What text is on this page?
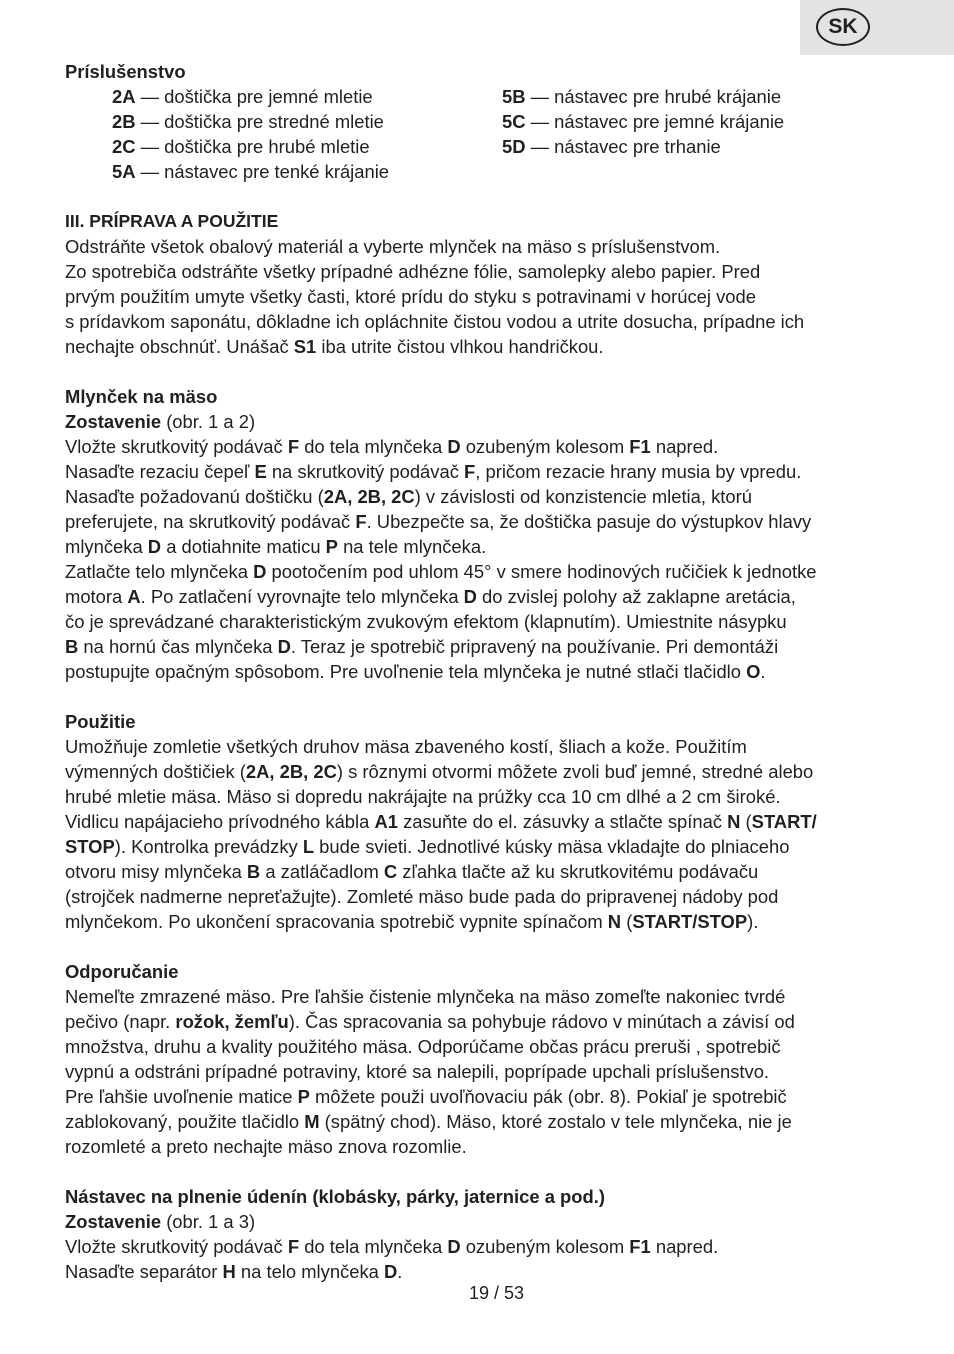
SK
Príslušenstvo
2A — doštička pre jemné mletie
2B — doštička pre stredné mletie
2C — doštička pre hrubé mletie
5A — nástavec pre tenké krájanie
5B — nástavec pre hrubé krájanie
5C — nástavec pre jemné krájanie
5D — nástavec pre trhanie
III. PRÍPRAVA A POUŽITIE
Odstráňte všetok obalový materiál a vyberte mlynček na mäso s príslušenstvom.
Zo spotrebiča odstráňte všetky prípadné adhézne fólie, samolepky alebo papier. Pred
prvým použitím umyte všetky časti, ktoré prídu do styku s potravinami v horúcej vode
s prídavkom saponátu, dôkladne ich opláchnite čistou vodou a utrite dosucha, prípadne ich
nechajte obschnúť. Unášač S1 iba utrite čistou vlhkou handričkou.
Mlynček na mäso
Zostavenie (obr. 1 a 2)
Vložte skrutkovitý podávač F do tela mlynčeka D ozubeným kolesom F1 napred.
Nasaďte rezaciu čepeľ E na skrutkovitý podávač F, pričom rezacie hrany musia by vpredu.
Nasaďte požadovanú doštičku (2A, 2B, 2C) v závislosti od konzistencie mletia, ktorú
preferujete, na skrutkovitý podávač F. Ubezpečte sa, že doštička pasuje do výstupkov hlavy
mlynčeka D a dotiahnite maticu P na tele mlynčeka.
Zatlačte telo mlynčeka D pootočením pod uhlom 45° v smere hodinových ručičiek k jednotke
motora A. Po zatlačení vyrovnajte telo mlynčeka D do zvislej polohy až zaklapne aretácia,
čo je sprevádzané charakteristickým zvukovým efektom (klapnutím). Umiestnite násypku
B na hornú čas mlynčeka D. Teraz je spotrebič pripravený na používanie. Pri demontáži
postupujte opačným spôsobom. Pre uvoľnenie tela mlynčeka je nutné stlači tlačidlo O.
Použitie
Umožňuje zomletie všetkých druhov mäsa zbaveného kostí, šliach a kože. Použitím
výmenných doštičiek (2A, 2B, 2C) s rôznymi otvormi môžete zvoli buď jemné, stredné alebo
hrubé mletie mäsa. Mäso si dopredu nakrájajte na prúžky cca 10 cm dlhé a 2 cm široké.
Vidlicu napájacieho prívodného kábla A1 zasuňte do el. zásuvky a stlačte spínač N (START/
STOP). Kontrolka prevádzky L bude svieti. Jednotlivé kúsky mäsa vkladajte do plniaceho
otvoru misy mlynčeka B a zatláčadlom C zľahka tlačte až ku skrutkovitému podávaču
(strojček nadmerne nepreťažujte). Zomleté mäso bude pada do pripravenej nádoby pod
mlynčekom. Po ukončení spracovania spotrebič vypnite spínačom N (START/STOP).
Odporučanie
Nemeľte zmrazené mäso. Pre ľahšie čistenie mlynčeka na mäso zomeľte nakoniec tvrdé
pečivo (napr. rožok, žemľu). Čas spracovania sa pohybuje rádovo v minútach a závisí od
množstva, druhu a kvality použitého mäsa. Odporúčame občas prácu preruši , spotrebič
vypnú a odstráni prípadné potraviny, ktoré sa nalepili, poprípade upchali príslušenstvo.
Pre ľahšie uvoľnenie matice P môžete použi uvoľňovaciu pák (obr. 8). Pokiaľ je spotrebič
zablokovaný, použite tlačidlo M (spätný chod). Mäso, ktoré zostalo v tele mlynčeka, nie je
rozomleté a preto nechajte mäso znova rozomlie.
Nástavec na plnenie údenín (klobásky, párky, jaternice a pod.)
Zostavenie (obr. 1 a 3)
Vložte skrutkovitý podávač F do tela mlynčeka D ozubeným kolesom F1 napred.
Nasaďte separátor H na telo mlynčeka D.
19 / 53
